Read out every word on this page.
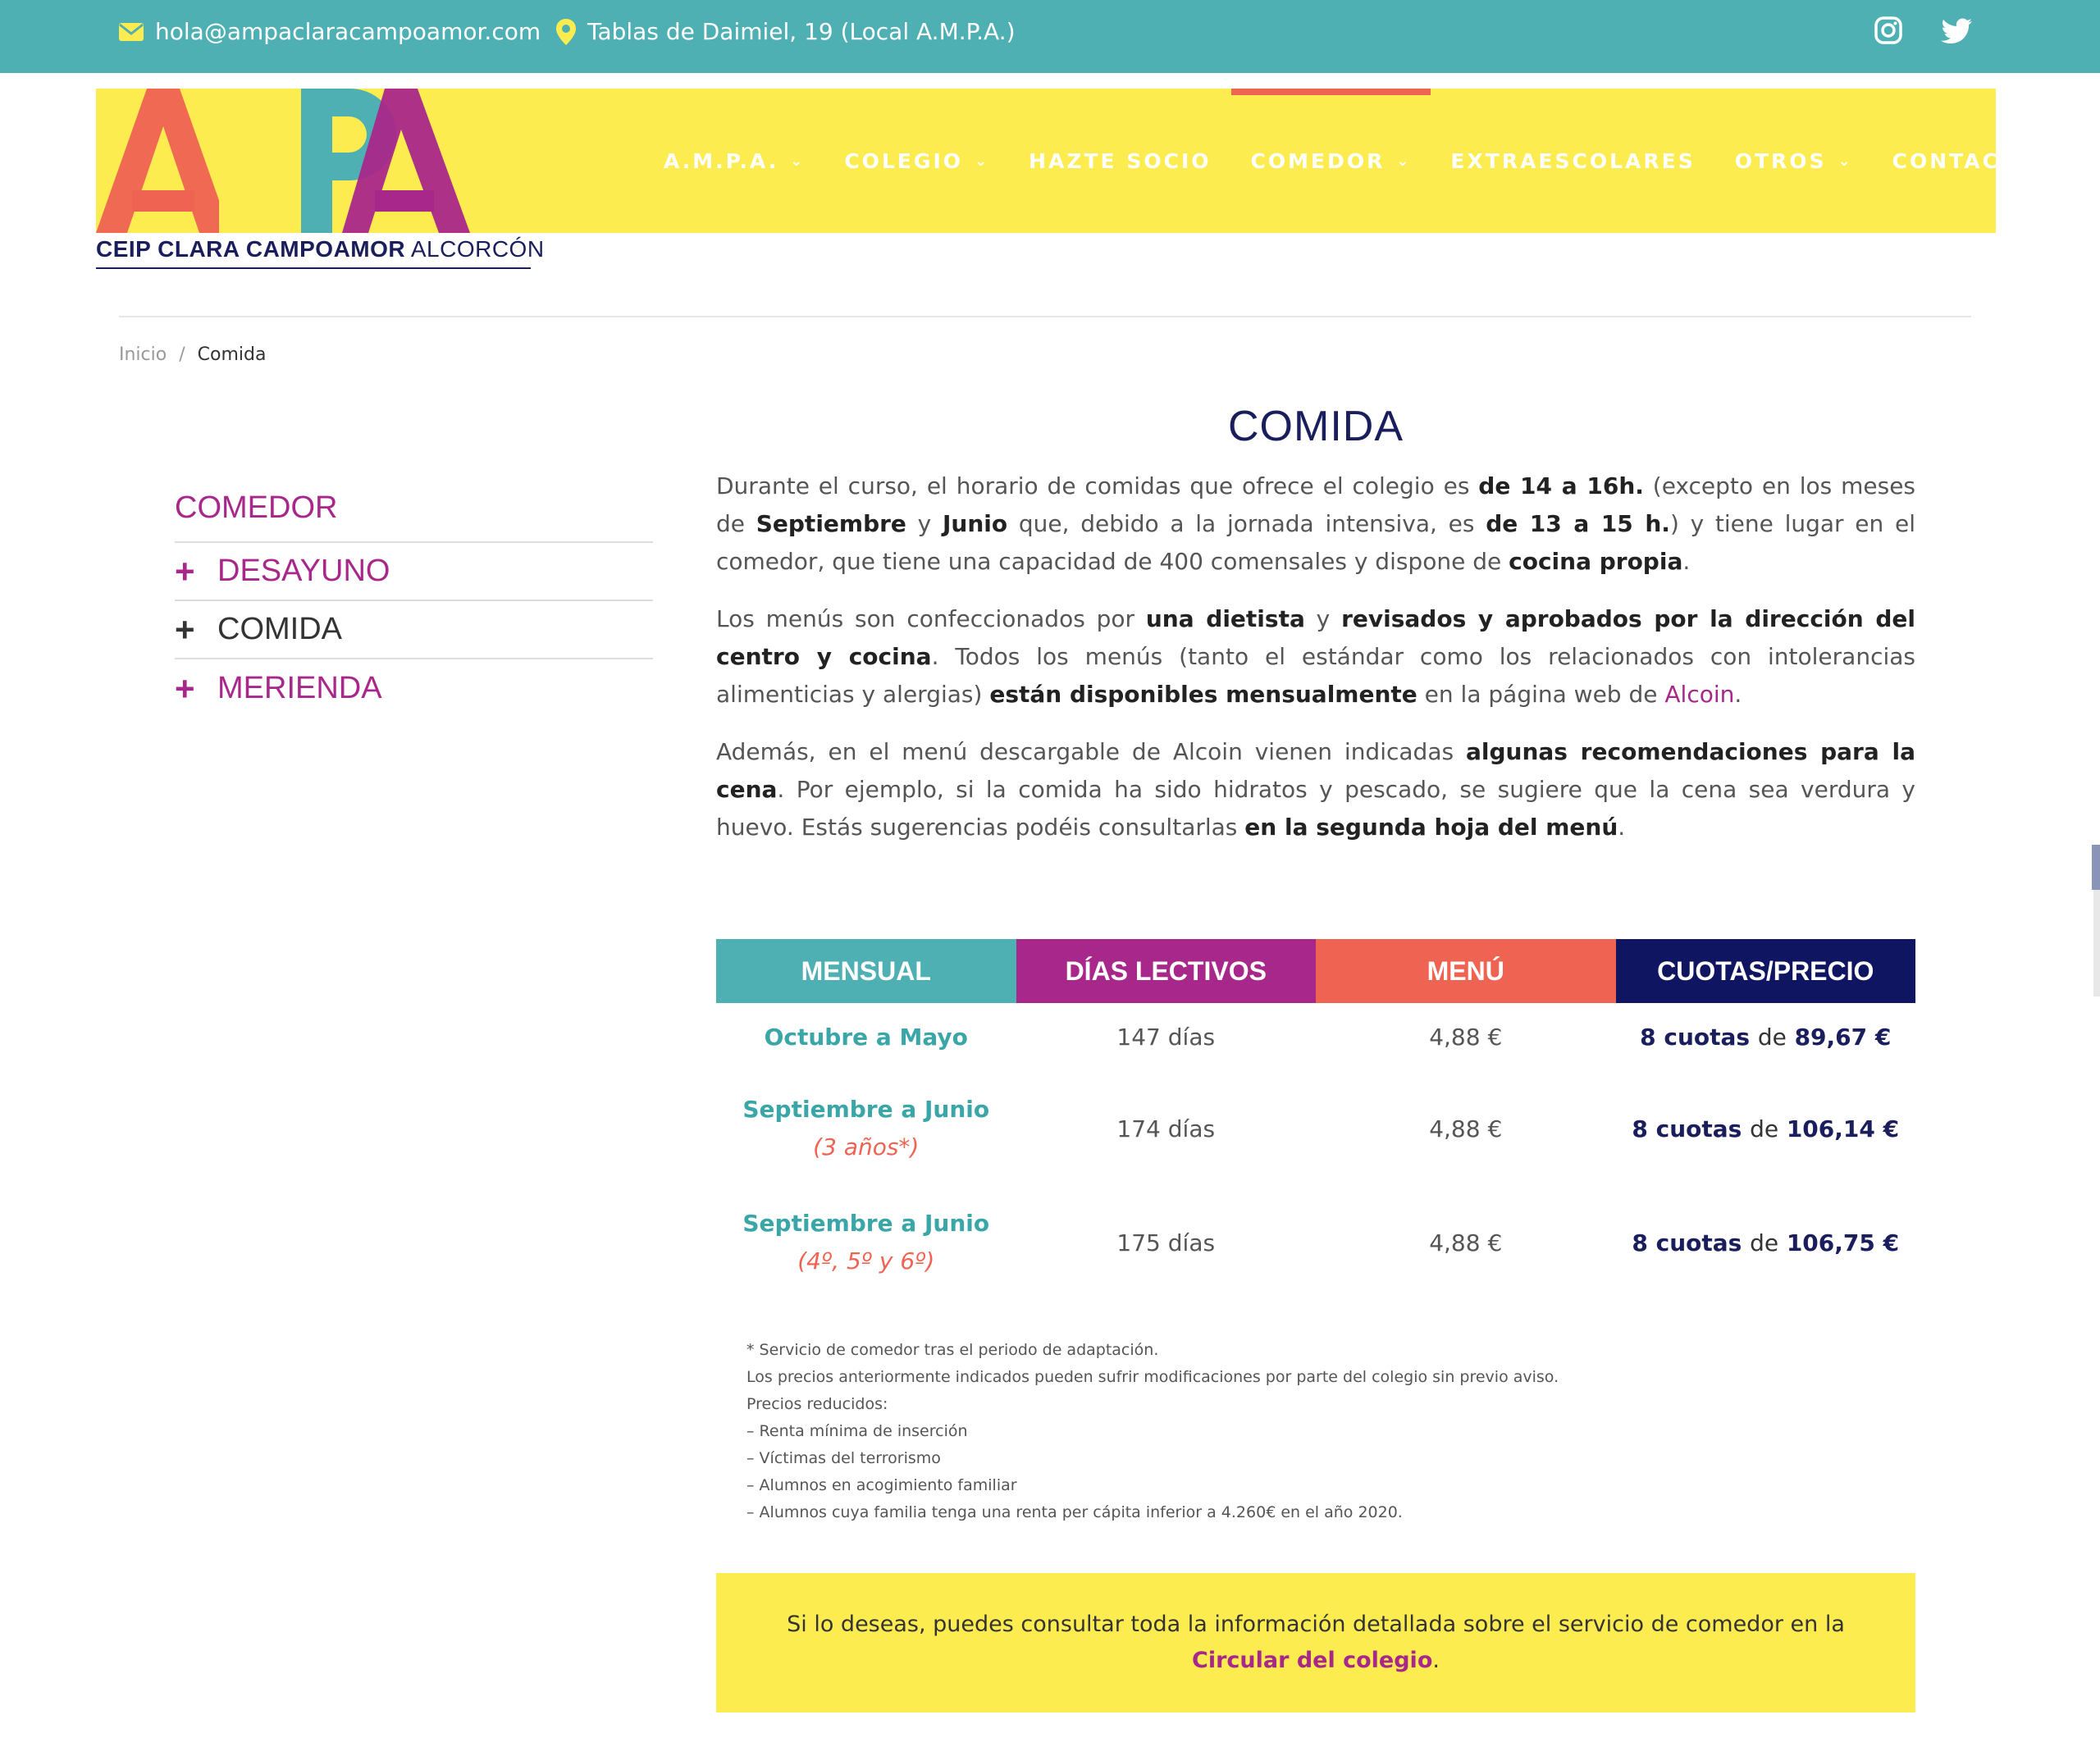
hola@ampaclaracampoamor.com Tablas de Daimiel, 19 (Local A.M.P.A.)
CEIP CLARA CAMPOAMOR ALCORCÓN
A.M.P.A. ⌄ COLEGIO ⌄ HAZTE SOCIO COMEDOR ⌄ EXTRAESCOLARES OTROS ⌄ CONTACTA
Inicio / Comida
COMEDOR
+ DESAYUNO
+ COMIDA
+ MERIENDA
COMIDA

Durante el curso, el horario de comidas que ofrece el colegio es de 14 a 16h. (excepto en los meses de Septiembre y Junio que, debido a la jornada intensiva, es de 13 a 15 h.) y tiene lugar en el comedor, que tiene una capacidad de 400 comensales y dispone de cocina propia.

Los menús son confeccionados por una dietista y revisados y aprobados por la dirección del centro y cocina. Todos los menús (tanto el estándar como los relacionados con intolerancias alimenticias y alergias) están disponibles mensualmente en la página web de Alcoin.

Además, en el menú descargable de Alcoin vienen indicadas algunas recomendaciones para la cena. Por ejemplo, si la comida ha sido hidratos y pescado, se sugiere que la cena sea verdura y huevo. Estás sugerencias podéis consultarlas en la segunda hoja del menú.

MENSUAL	DÍAS LECTIVOS	MENÚ	CUOTAS/PRECIO
Octubre a Mayo	147 días	4,88 €	8 cuotas de 89,67 €
Septiembre a Junio
(3 años*)	174 días	4,88 €	8 cuotas de 106,14 €
Septiembre a Junio
(4º, 5º y 6º)	175 días	4,88 €	8 cuotas de 106,75 €
* Servicio de comedor tras el periodo de adaptación.
Los precios anteriormente indicados pueden sufrir modificaciones por parte del colegio sin previo aviso.
Precios reducidos:
– Renta mínima de inserción
– Víctimas del terrorismo
– Alumnos en acogimiento familiar
– Alumnos cuya familia tenga una renta per cápita inferior a 4.260€ en el año 2020.

Si lo deseas, puedes consultar toda la información detallada sobre el servicio de comedor en la Circular del colegio.
